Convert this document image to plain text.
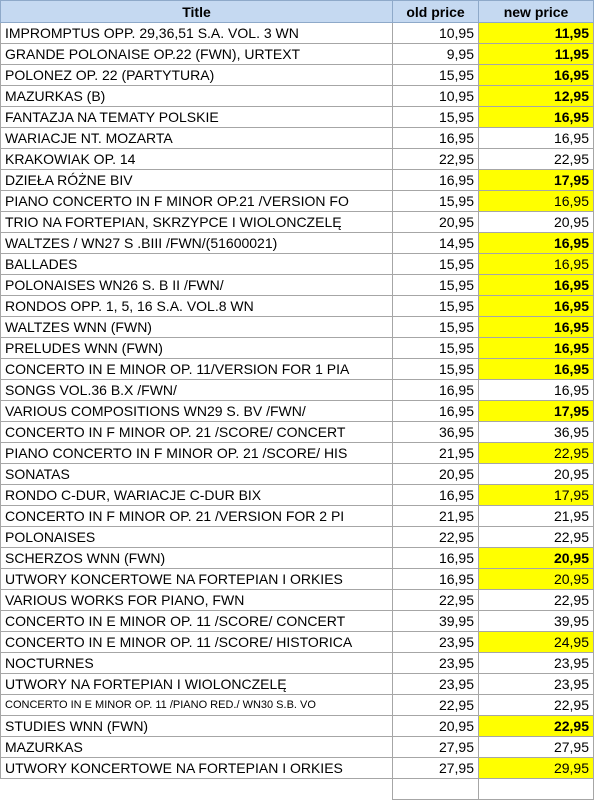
Title	old price	new price
IMPROMPTUS OPP. 29,36,51 S.A. VOL. 3 WN	10,95	11,95
GRANDE POLONAISE OP.22 (FWN), URTEXT	9,95	11,95
POLONEZ OP. 22 (PARTYTURA)	15,95	16,95
MAZURKAS (B)	10,95	12,95
FANTAZJA NA TEMATY POLSKIE	15,95	16,95
WARIACJE NT. MOZARTA	16,95	16,95
KRAKOWIAK OP. 14	22,95	22,95
DZIEŁA RÓŻNE BIV	16,95	17,95
PIANO CONCERTO IN F MINOR OP.21 /VERSION FO	15,95	16,95
TRIO NA FORTEPIAN, SKRZYPCE I WIOLONCZELĘ	20,95	20,95
WALTZES / WN27 S .BIII /FWN/(51600021)	14,95	16,95
BALLADES	15,95	16,95
POLONAISES WN26 S. B II /FWN/	15,95	16,95
RONDOS OPP. 1, 5, 16 S.A. VOL.8 WN	15,95	16,95
WALTZES WNN (FWN)	15,95	16,95
PRELUDES WNN (FWN)	15,95	16,95
CONCERTO IN E MINOR OP. 11/VERSION FOR 1 PIA	15,95	16,95
SONGS VOL.36 B.X /FWN/	16,95	16,95
VARIOUS COMPOSITIONS WN29 S. BV /FWN/	16,95	17,95
CONCERTO IN F MINOR OP. 21 /SCORE/ CONCERT	36,95	36,95
PIANO CONCERTO IN F MINOR OP. 21 /SCORE/ HIS	21,95	22,95
SONATAS	20,95	20,95
RONDO C-DUR, WARIACJE C-DUR BIX	16,95	17,95
CONCERTO IN F MINOR OP. 21 /VERSION FOR 2 PI	21,95	21,95
POLONAISES	22,95	22,95
SCHERZOS WNN (FWN)	16,95	20,95
UTWORY KONCERTOWE NA FORTEPIAN I ORKIES	16,95	20,95
VARIOUS WORKS FOR PIANO, FWN	22,95	22,95
CONCERTO IN E MINOR OP. 11 /SCORE/ CONCERT	39,95	39,95
CONCERTO IN E MINOR OP. 11 /SCORE/ HISTORICA	23,95	24,95
NOCTURNES	23,95	23,95
UTWORY NA FORTEPIAN I WIOLONCZELĘ	23,95	23,95
CONCERTO IN E MINOR OP. 11 /PIANO RED./ WN30 S.B. VO	22,95	22,95
STUDIES WNN (FWN)	20,95	22,95
MAZURKAS	27,95	27,95
UTWORY KONCERTOWE NA FORTEPIAN I ORKIES	27,95	29,95
